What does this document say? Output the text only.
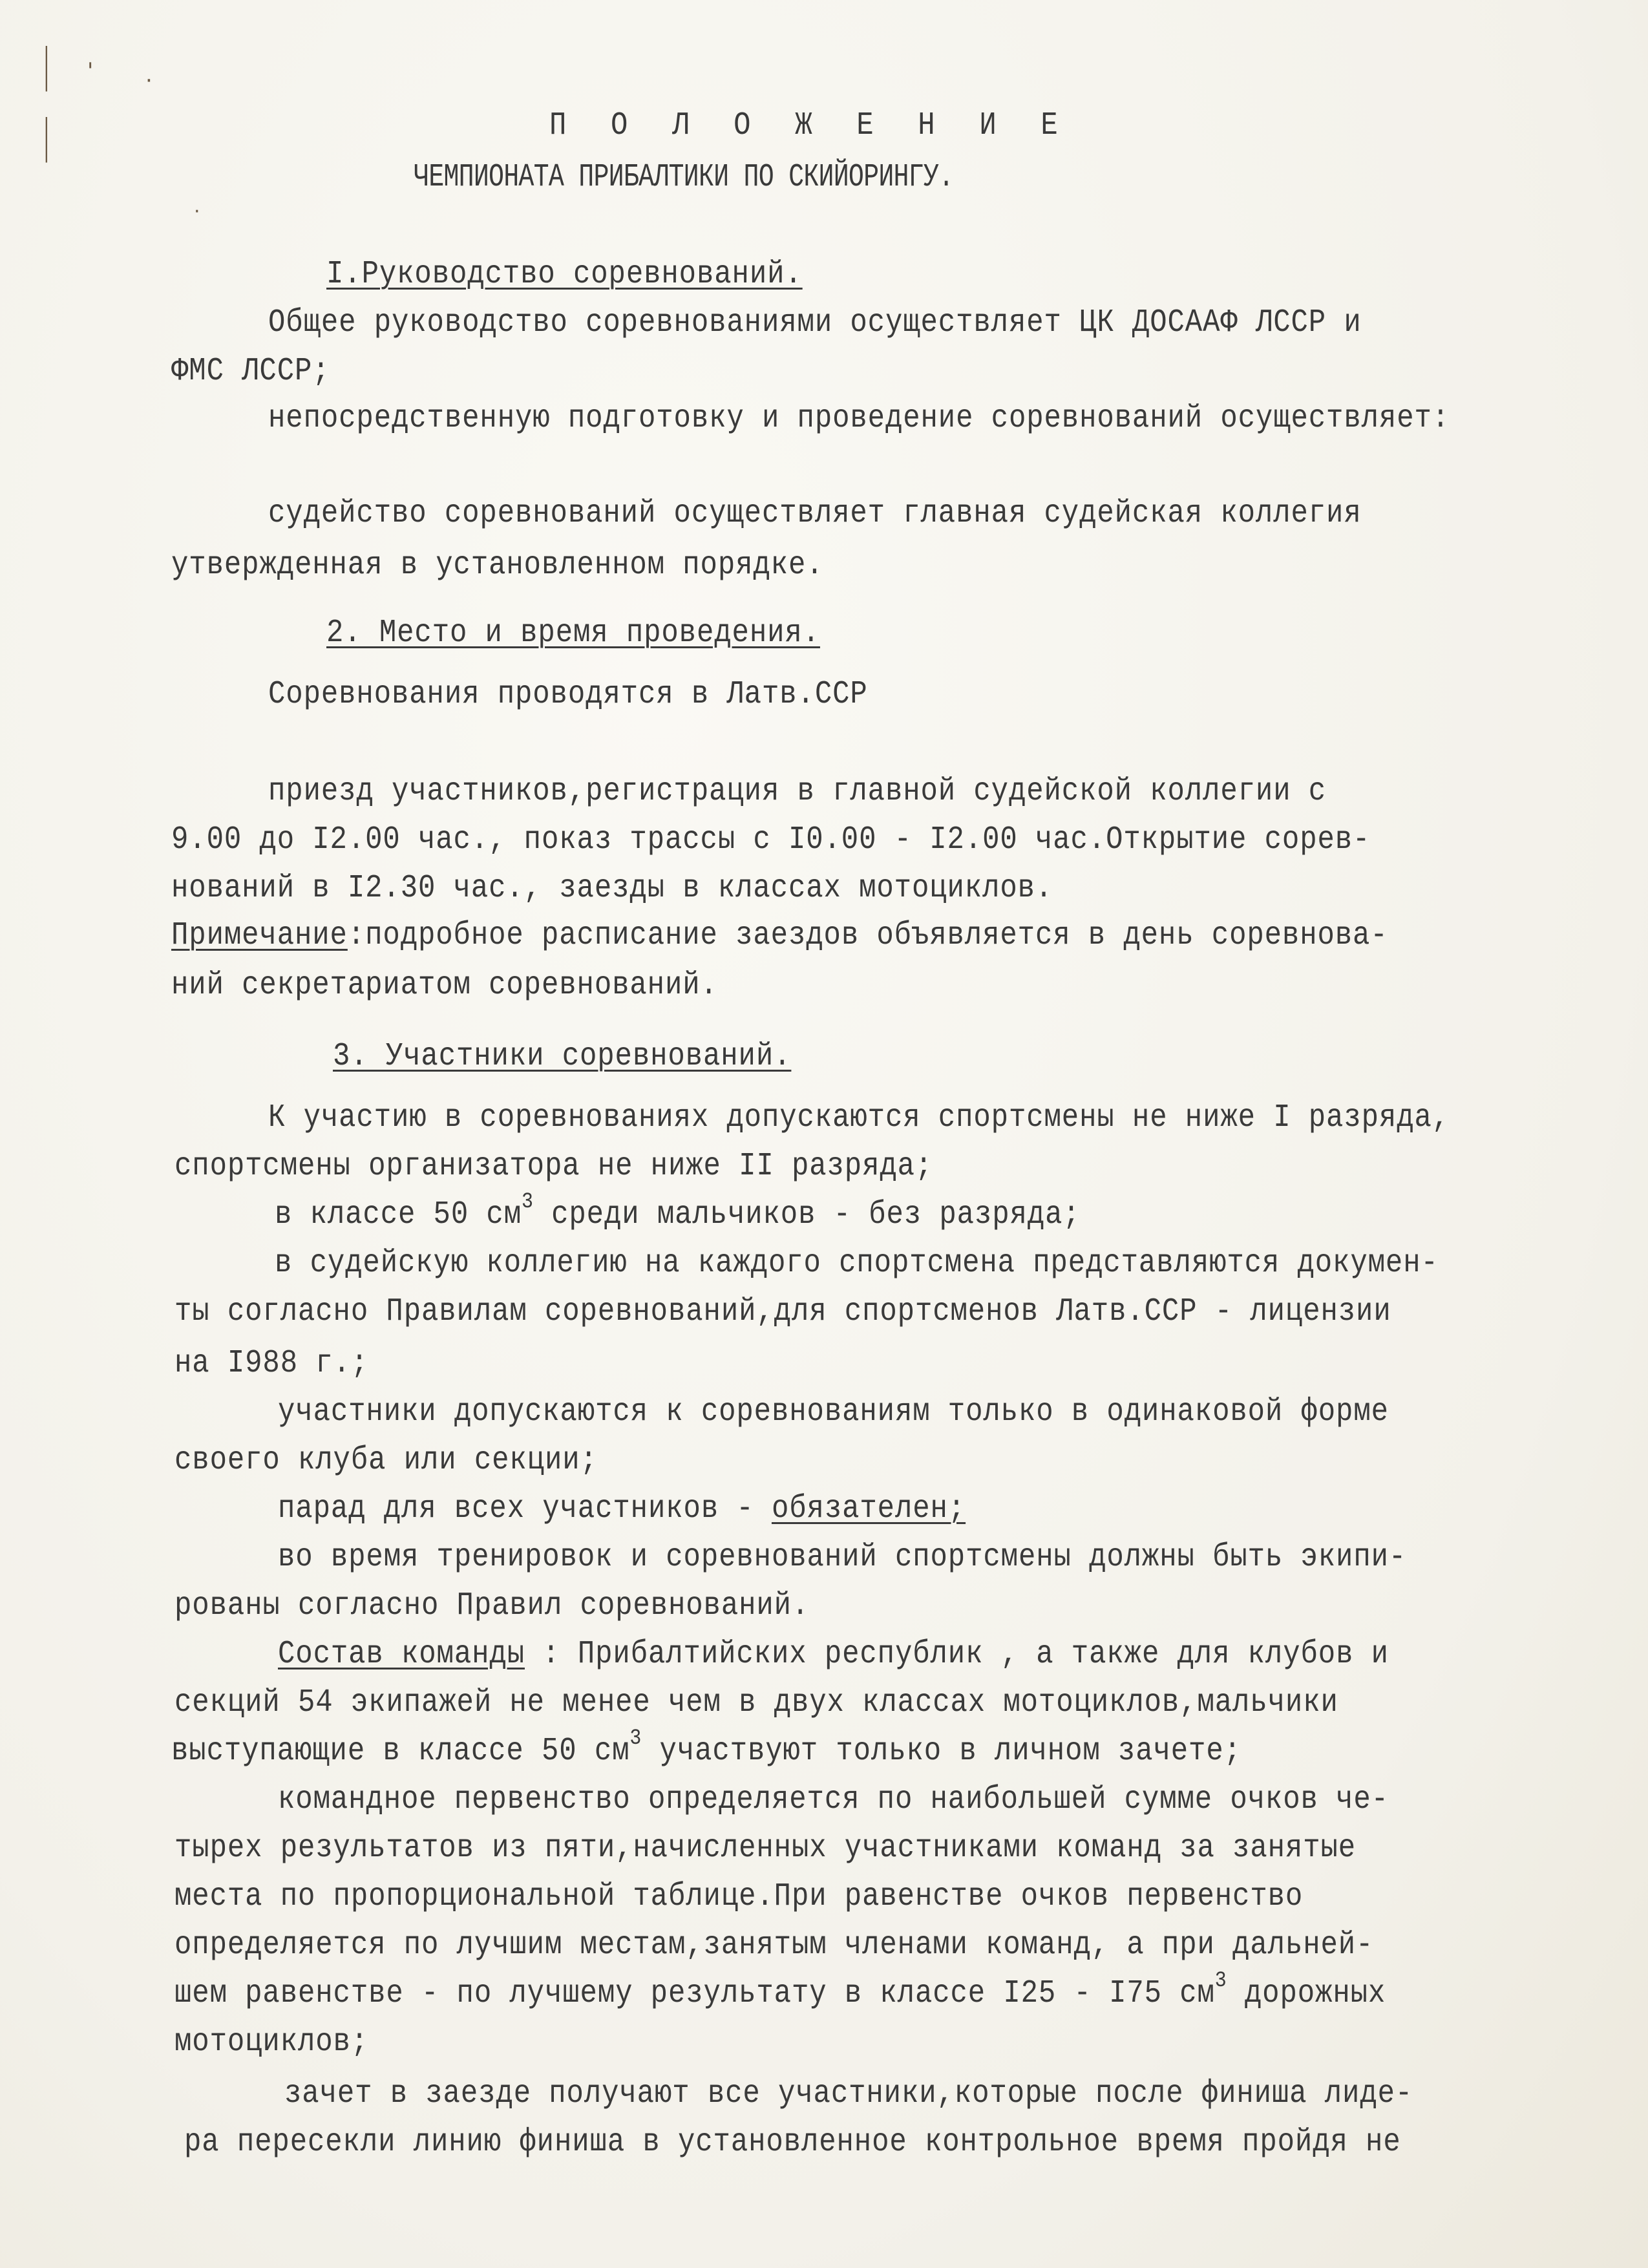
|
|
·
'
·
П О Л О Ж Е Н И Е
ЧЕМПИОНАТА ПРИБАЛТИКИ ПО СКИЙОРИНГУ.
I.Руководство соревнований.
Общее руководство соревнованиями осуществляет ЦК ДОСААФ ЛССР и
ФМС ЛССР;
непосредственную подготовку и проведение соревнований осуществляет:
судейство соревнований осуществляет главная судейская коллегия
утвержденная в установленном порядке.
2. Место и время проведения.
Соревнования проводятся в Латв.ССР
приезд участников,регистрация в главной судейской коллегии с
9.00 до I2.00 час., показ трассы с I0.00 - I2.00 час.Открытие сорев-
нований в I2.30 час., заезды в классах мотоциклов.
Примечание:подробное расписание заездов объявляется в день соревнова-
ний секретариатом соревнований.
3. Участники соревнований.
К участию в соревнованиях допускаются спортсмены не ниже I разряда,
спортсмены организатора не ниже II разряда;
в классе 50 $см^3$ среди мальчиков - без разряда;
в судейскую коллегию на каждого спортсмена представляются докумен-
ты согласно Правилам соревнований,для спортсменов Латв.ССР - лицензии
на I988 г.;
участники допускаются к соревнованиям только в одинаковой форме
своего клуба или секции;
парад для всех участников - обязателен;
во время тренировок и соревнований спортсмены должны быть экипи-
рованы согласно Правил соревнований.
Состав команды : Прибалтийских республик , а также для клубов и
секций 54 экипажей не менее чем в двух классах мотоциклов,мальчики
выступающие в классе 50 $см^3$ участвуют только в личном зачете;
командное первенство определяется по наибольшей сумме очков че-
тырех результатов из пяти,начисленных участниками команд за занятые
места по пропорциональной таблице.При равенстве очков первенство
определяется по лучшим местам,занятым членами команд, а при дальней-
шем равенстве - по лучшему результату в классе I25 - I75 $см^3$ дорожных
мотоциклов;
зачет в заезде получают все участники,которые после финиша лиде-
ра пересекли линию финиша в установленное контрольное время пройдя не
